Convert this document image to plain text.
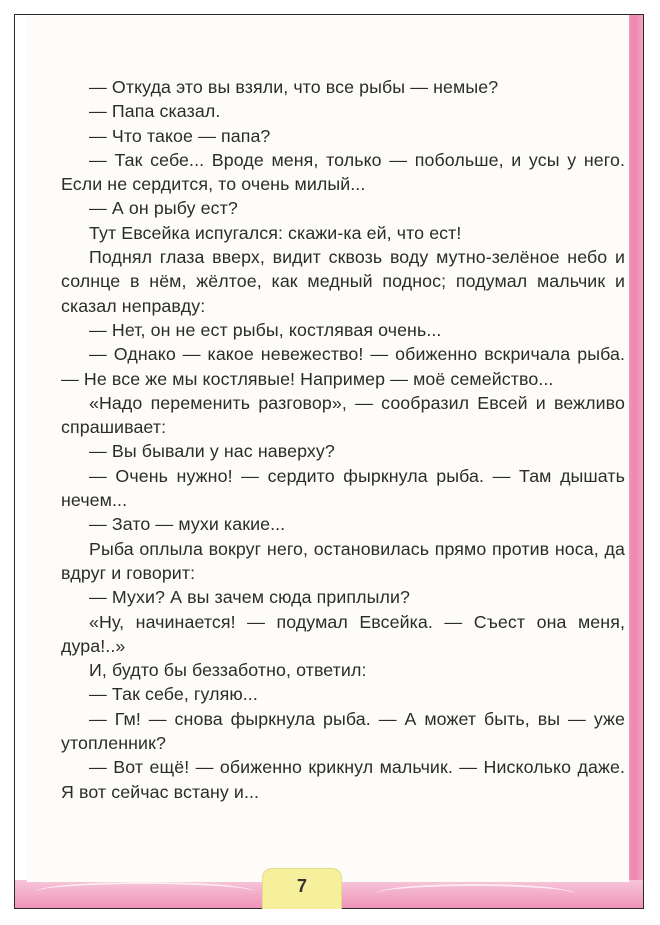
— Откуда это вы взяли, что все рыбы — немые?

— Папа сказал.

— Что такое — папа?

— Так себе... Вроде меня, только — побольше, и усы у него. Если не сердится, то очень милый...

— А он рыбу ест?

Тут Евсейка испугался: скажи-ка ей, что ест!

Поднял глаза вверх, видит сквозь воду мутно-зелёное небо и солнце в нём, жёлтое, как медный поднос; подумал мальчик и сказал неправду:

— Нет, он не ест рыбы, костлявая очень...

— Однако — какое невежество! — обиженно вскричала рыба. — Не все же мы костлявые! Например — моё семейство...

«Надо переменить разговор», — сообразил Евсей и вежливо спрашивает:

— Вы бывали у нас наверху?

— Очень нужно! — сердито фыркнула рыба. — Там дышать нечем...

— Зато — мухи какие...

Рыба оплыла вокруг него, остановилась прямо против носа, да вдруг и говорит:

— Мухи? А вы зачем сюда приплыли?

«Ну, начинается! — подумал Евсейка. — Съест она меня, дура!..»

И, будто бы беззаботно, ответил:

— Так себе, гуляю...

— Гм! — снова фыркнула рыба. — А может быть, вы — уже утопленник?

— Вот ещё! — обиженно крикнул мальчик. — Нисколько даже. Я вот сейчас встану и...

7
